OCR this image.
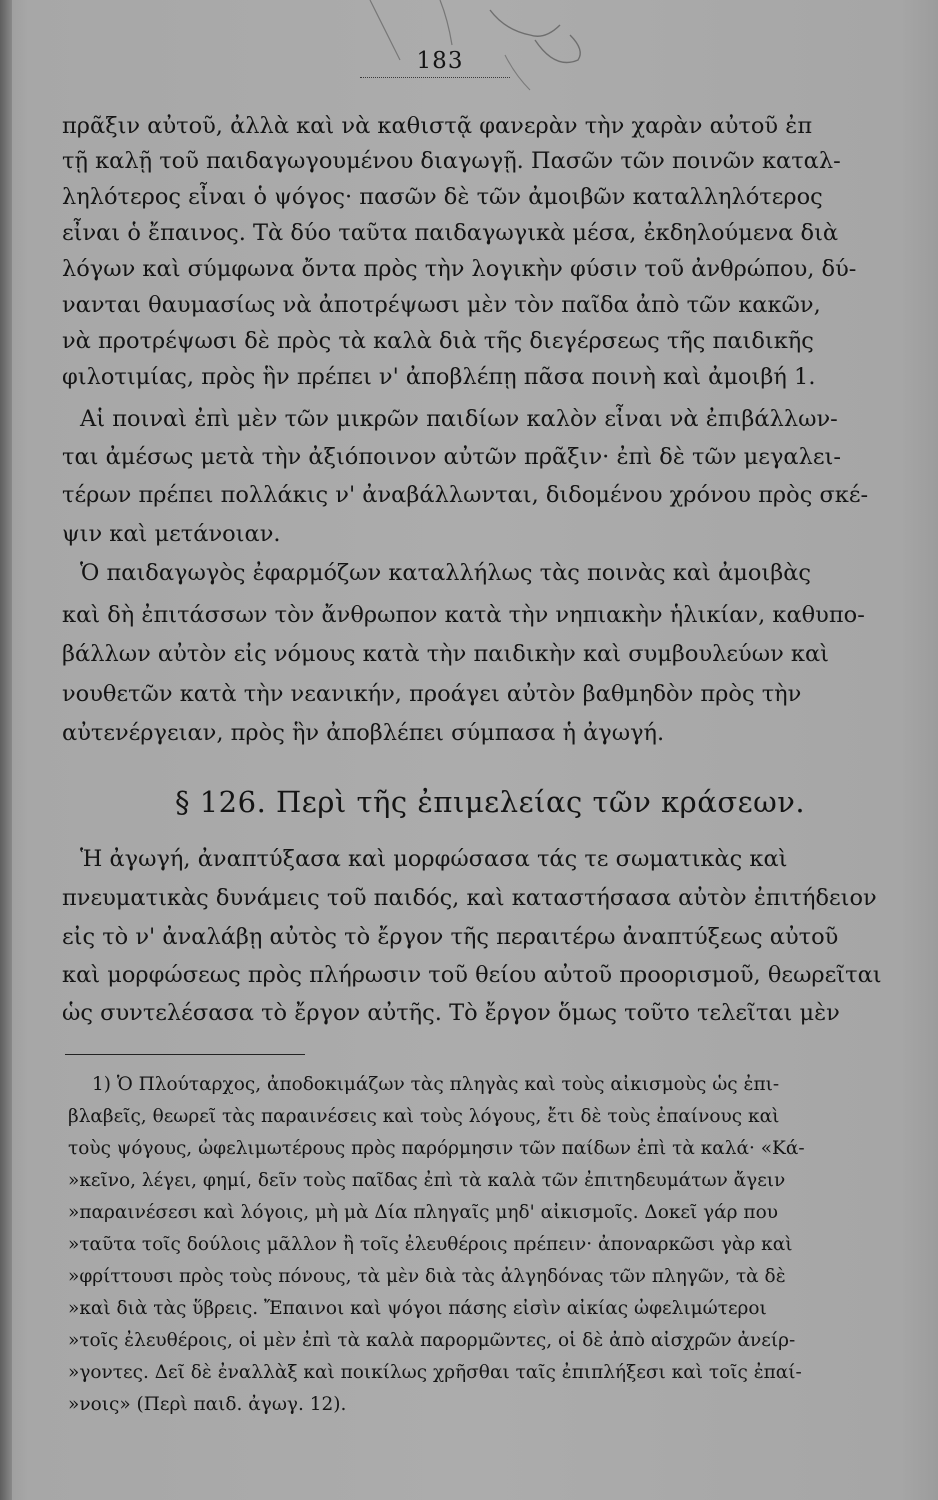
183
πρᾶξιν αὐτοῦ, ἀλλὰ καὶ νὰ καθιστᾷ φανερὰν τὴν χαρὰν αὐτοῦ ἐπ
τῇ καλῇ τοῦ παιδαγωγουμένου διαγωγῇ. Πασῶν τῶν ποινῶν καταλ-
ληλότερος εἶναι ὁ ψόγος· πασῶν δὲ τῶν ἀμοιβῶν καταλληλότερος
εἶναι ὁ ἔπαινος. Τὰ δύο ταῦτα παιδαγωγικὰ μέσα, ἐκδηλούμενα διὰ
λόγων καὶ σύμφωνα ὄντα πρὸς τὴν λογικὴν φύσιν τοῦ ἀνθρώπου, δύ-
νανται θαυμασίως νὰ ἀποτρέψωσι μὲν τὸν παῖδα ἀπὸ τῶν κακῶν,
νὰ προτρέψωσι δὲ πρὸς τὰ καλὰ διὰ τῆς διεγέρσεως τῆς παιδικῆς
φιλοτιμίας, πρὸς ἣν πρέπει ν' ἀποβλέπῃ πᾶσα ποινὴ καὶ ἀμοιβή 1.
Αἱ ποιναὶ ἐπὶ μὲν τῶν μικρῶν παιδίων καλὸν εἶναι νὰ ἐπιβάλλων-
ται ἀμέσως μετὰ τὴν ἀξιόποινον αὐτῶν πρᾶξιν· ἐπὶ δὲ τῶν μεγαλει-
τέρων πρέπει πολλάκις ν' ἀναβάλλωνται, διδομένου χρόνου πρὸς σκέ-
ψιν καὶ μετάνοιαν.
Ὁ παιδαγωγὸς ἐφαρμόζων καταλλήλως τὰς ποινὰς καὶ ἀμοιβὰς
καὶ δὴ ἐπιτάσσων τὸν ἄνθρωπον κατὰ τὴν νηπιακὴν ἡλικίαν, καθυπο-
βάλλων αὐτὸν εἰς νόμους κατὰ τὴν παιδικὴν καὶ συμβουλεύων καὶ
νουθετῶν κατὰ τὴν νεανικήν, προάγει αὐτὸν βαθμηδὸν πρὸς τὴν
αὐτενέργειαν, πρὸς ἣν ἀποβλέπει σύμπασα ἡ ἀγωγή.
§ 126. Περὶ τῆς ἐπιμελείας τῶν κράσεων.
Ἡ ἀγωγή, ἀναπτύξασα καὶ μορφώσασα τάς τε σωματικὰς καὶ
πνευματικὰς δυνάμεις τοῦ παιδός, καὶ καταστήσασα αὐτὸν ἐπιτήδειον
εἰς τὸ ν' ἀναλάβῃ αὐτὸς τὸ ἔργον τῆς περαιτέρω ἀναπτύξεως αὐτοῦ
καὶ μορφώσεως πρὸς πλήρωσιν τοῦ θείου αὐτοῦ προορισμοῦ, θεωρεῖται
ὡς συντελέσασα τὸ ἔργον αὐτῆς. Τὸ ἔργον ὅμως τοῦτο τελεῖται μὲν
1) Ὁ Πλούταρχος, ἀποδοκιμάζων τὰς πληγὰς καὶ τοὺς αἰκισμοὺς ὡς ἐπι-
βλαβεῖς, θεωρεῖ τὰς παραινέσεις καὶ τοὺς λόγους, ἔτι δὲ τοὺς ἐπαίνους καὶ
τοὺς ψόγους, ὠφελιμωτέρους πρὸς παρόρμησιν τῶν παίδων ἐπὶ τὰ καλά· «Κά-
»κεῖνο, λέγει, φημί, δεῖν τοὺς παῖδας ἐπὶ τὰ καλὰ τῶν ἐπιτηδευμάτων ἄγειν
»παραινέσεσι καὶ λόγοις, μὴ μὰ Δία πληγαῖς μηδ' αἰκισμοῖς. Δοκεῖ γάρ που
»ταῦτα τοῖς δούλοις μᾶλλον ἢ τοῖς ἐλευθέροις πρέπειν· ἀποναρκῶσι γὰρ καὶ
»φρίττουσι πρὸς τοὺς πόνους, τὰ μὲν διὰ τὰς ἀλγηδόνας τῶν πληγῶν, τὰ δὲ
»καὶ διὰ τὰς ὕβρεις. Ἔπαινοι καὶ ψόγοι πάσης εἰσὶν αἰκίας ὠφελιμώτεροι
»τοῖς ἐλευθέροις, οἱ μὲν ἐπὶ τὰ καλὰ παρορμῶντες, οἱ δὲ ἀπὸ αἰσχρῶν ἀνείρ-
»γοντες. Δεῖ δὲ ἐναλλὰξ καὶ ποικίλως χρῆσθαι ταῖς ἐπιπλήξεσι καὶ τοῖς ἐπαί-
»νοις» (Περὶ παιδ. ἀγωγ. 12).
